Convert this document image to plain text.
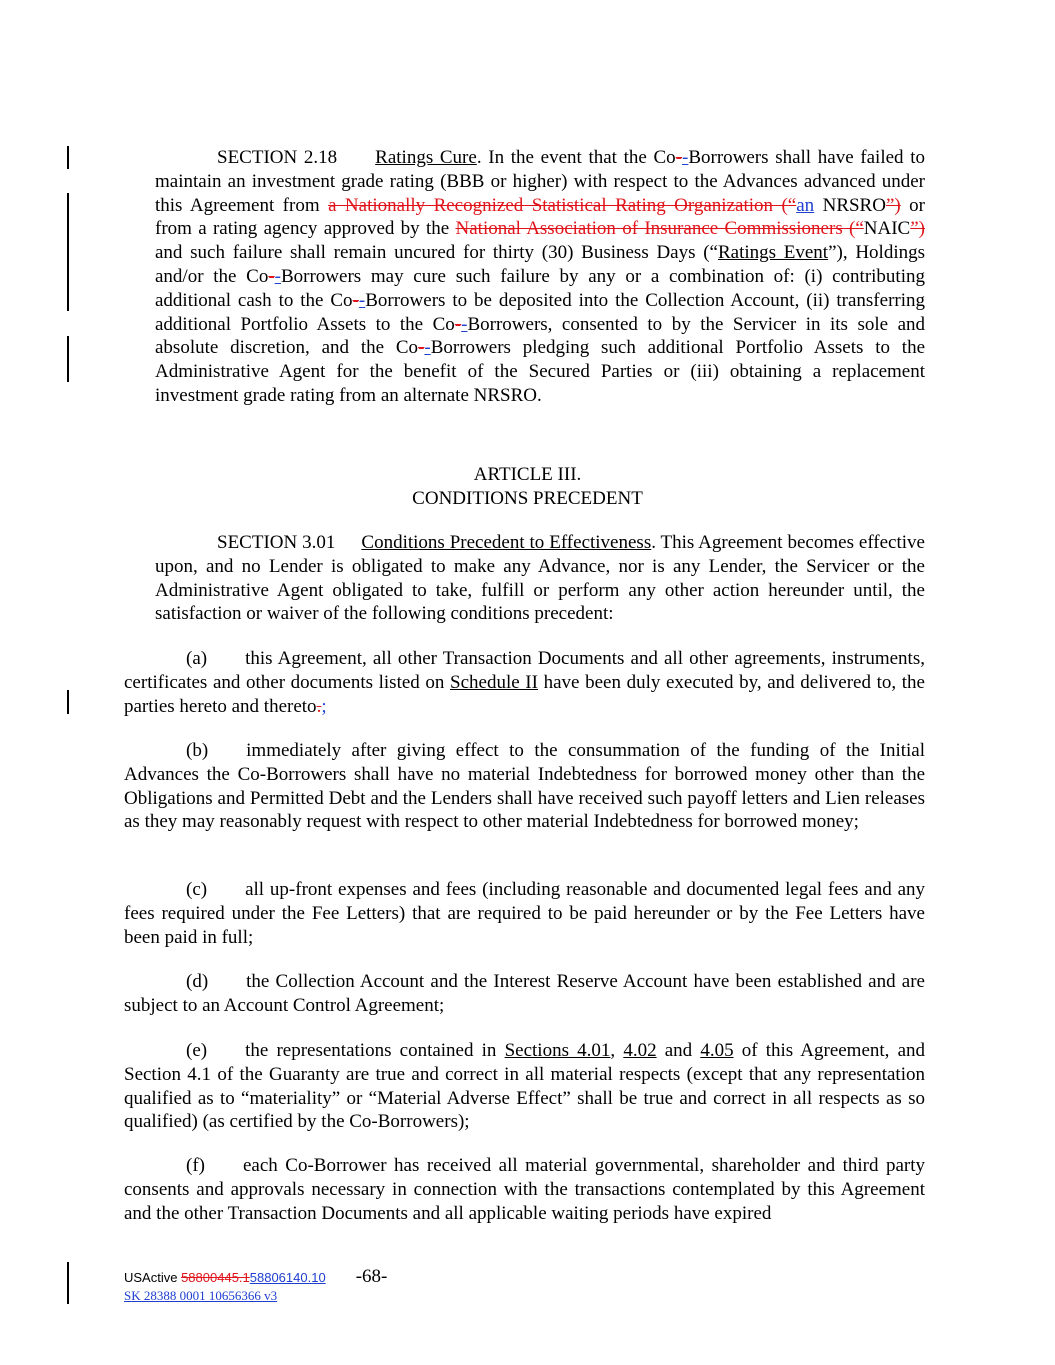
SECTION 2.18 Ratings Cure. In the event that the Co--Borrowers shall have failed to maintain an investment grade rating (BBB or higher) with respect to the Advances advanced under this Agreement from a Nationally Recognized Statistical Rating Organization (“an NRSRO”) or from a rating agency approved by the National Association of Insurance Commissioners (“NAIC”) and such failure shall remain uncured for thirty (30) Business Days (“Ratings Event”), Holdings and/or the Co--Borrowers may cure such failure by any or a combination of: (i) contributing additional cash to the Co--Borrowers to be deposited into the Collection Account, (ii) transferring additional Portfolio Assets to the Co--Borrowers, consented to by the Servicer in its sole and absolute discretion, and the Co--Borrowers pledging such additional Portfolio Assets to the Administrative Agent for the benefit of the Secured Parties or (iii) obtaining a replacement investment grade rating from an alternate NRSRO.
ARTICLE III.
CONDITIONS PRECEDENT
SECTION 3.01 Conditions Precedent to Effectiveness. This Agreement becomes effective upon, and no Lender is obligated to make any Advance, nor is any Lender, the Servicer or the Administrative Agent obligated to take, fulfill or perform any other action hereunder until, the satisfaction or waiver of the following conditions precedent:
(a) this Agreement, all other Transaction Documents and all other agreements, instruments, certificates and other documents listed on Schedule II have been duly executed by, and delivered to, the parties hereto and thereto.;
(b) immediately after giving effect to the consummation of the funding of the Initial Advances the Co-Borrowers shall have no material Indebtedness for borrowed money other than the Obligations and Permitted Debt and the Lenders shall have received such payoff letters and Lien releases as they may reasonably request with respect to other material Indebtedness for borrowed money;
(c) all up-front expenses and fees (including reasonable and documented legal fees and any fees required under the Fee Letters) that are required to be paid hereunder or by the Fee Letters have been paid in full;
(d) the Collection Account and the Interest Reserve Account have been established and are subject to an Account Control Agreement;
(e) the representations contained in Sections 4.01, 4.02 and 4.05 of this Agreement, and Section 4.1 of the Guaranty are true and correct in all material respects (except that any representation qualified as to “materiality” or “Material Adverse Effect” shall be true and correct in all respects as so qualified) (as certified by the Co-Borrowers);
(f) each Co-Borrower has received all material governmental, shareholder and third party consents and approvals necessary in connection with the transactions contemplated by this Agreement and the other Transaction Documents and all applicable waiting periods have expired
USActive 58800445.158806140.10 -68-
SK 28388 0001 10656366 v3
